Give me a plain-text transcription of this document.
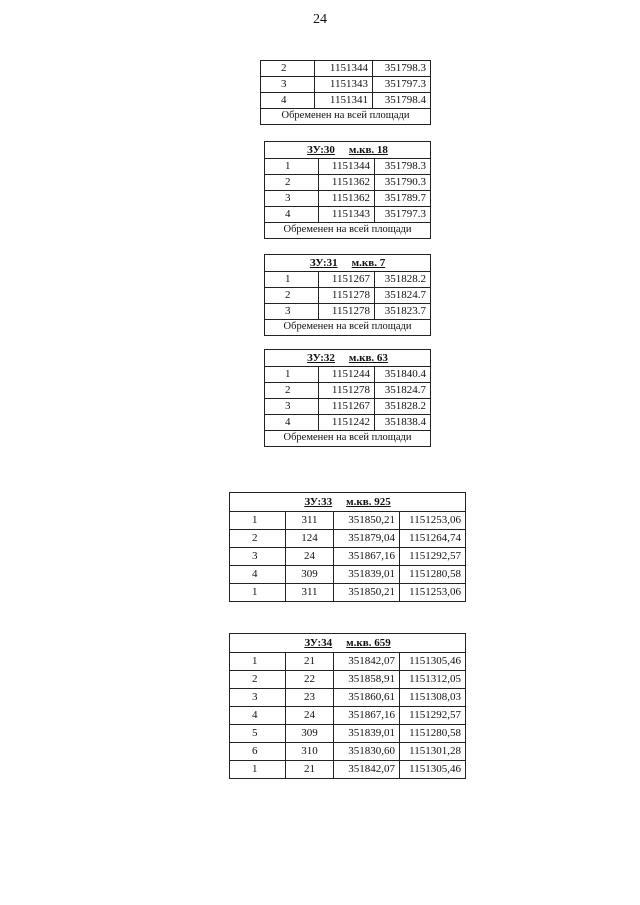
24
2	1151344	351798.3
3	1151343	351797.3
4	1151341	351798.4
Обременен на всей площади		
ЗУ:30 м.кв. 18		
1	1151344	351798.3
2	1151362	351790.3
3	1151362	351789.7
4	1151343	351797.3
Обременен на всей площади		
ЗУ:31 м.кв. 7		
1	1151267	351828.2
2	1151278	351824.7
3	1151278	351823.7
Обременен на всей площади		
ЗУ:32 м.кв. 63		
1	1151244	351840.4
2	1151278	351824.7
3	1151267	351828.2
4	1151242	351838.4
Обременен на всей площади		
ЗУ:33 м.кв. 925			
1	311	351850,21	1151253,06
2	124	351879,04	1151264,74
3	24	351867,16	1151292,57
4	309	351839,01	1151280,58
1	311	351850,21	1151253,06
ЗУ:34 м.кв. 659			
1	21	351842,07	1151305,46
2	22	351858,91	1151312,05
3	23	351860,61	1151308,03
4	24	351867,16	1151292,57
5	309	351839,01	1151280,58
6	310	351830,60	1151301,28
1	21	351842,07	1151305,46
